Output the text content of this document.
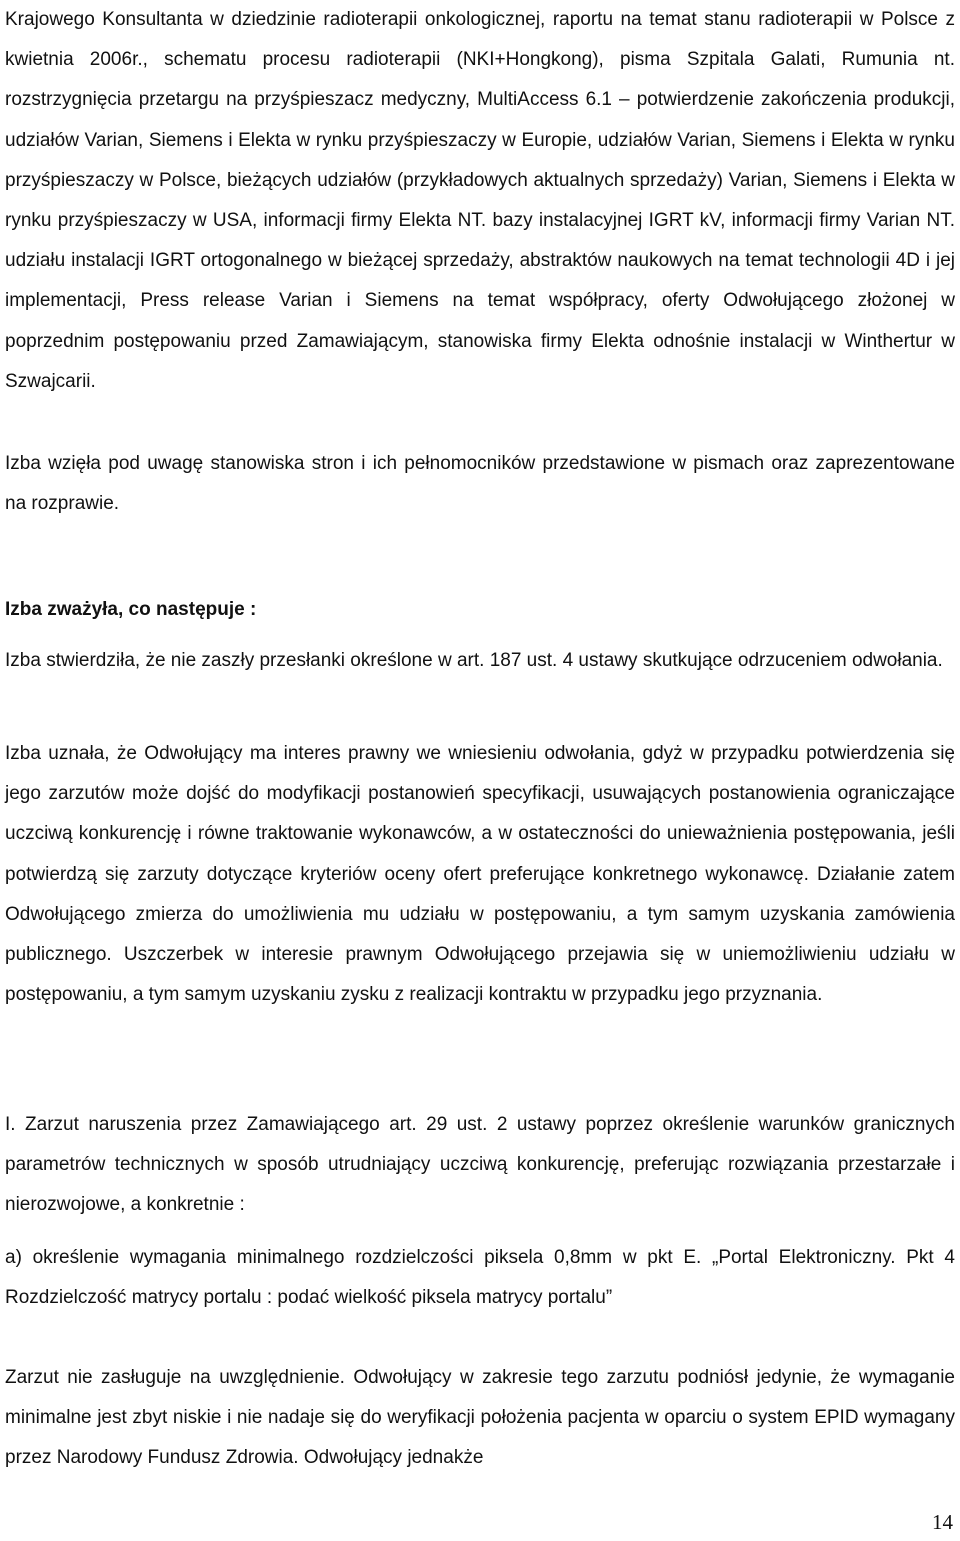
Krajowego Konsultanta w dziedzinie radioterapii onkologicznej, raportu na temat stanu radioterapii w Polsce z kwietnia 2006r., schematu procesu radioterapii (NKI+Hongkong), pisma Szpitala Galati, Rumunia nt. rozstrzygnięcia przetargu na przyśpieszacz medyczny, MultiAccess 6.1 – potwierdzenie zakończenia produkcji, udziałów Varian, Siemens i Elekta w rynku przyśpieszaczy w Europie, udziałów Varian, Siemens i Elekta w rynku przyśpieszaczy w Polsce, bieżących udziałów (przykładowych aktualnych sprzedaży) Varian, Siemens i Elekta w rynku przyśpieszaczy w USA, informacji firmy Elekta NT. bazy instalacyjnej IGRT kV, informacji firmy Varian NT. udziału instalacji IGRT ortogonalnego w bieżącej sprzedaży, abstraktów naukowych na temat technologii 4D i jej implementacji, Press release Varian i Siemens na temat współpracy, oferty Odwołującego złożonej w poprzednim postępowaniu przed Zamawiającym, stanowiska firmy Elekta odnośnie instalacji w Winthertur w Szwajcarii.
Izba wzięła pod uwagę stanowiska stron i ich pełnomocników przedstawione w pismach oraz zaprezentowane na rozprawie.
Izba zważyła, co następuje :
Izba stwierdziła, że nie zaszły przesłanki określone w art. 187 ust. 4 ustawy skutkujące odrzuceniem odwołania.
Izba uznała, że Odwołujący ma interes prawny we wniesieniu odwołania, gdyż w przypadku potwierdzenia się jego zarzutów może dojść do modyfikacji postanowień specyfikacji, usuwających postanowienia ograniczające uczciwą konkurencję i równe traktowanie wykonawców, a w ostateczności do unieważnienia postępowania, jeśli potwierdzą się zarzuty dotyczące kryteriów oceny ofert preferujące konkretnego wykonawcę. Działanie zatem Odwołującego zmierza do umożliwienia mu udziału w postępowaniu, a tym samym uzyskania zamówienia publicznego. Uszczerbek w interesie prawnym Odwołującego przejawia się w uniemożliwieniu udziału w postępowaniu, a tym samym uzyskaniu zysku z realizacji kontraktu w przypadku jego przyznania.
I. Zarzut naruszenia przez Zamawiającego art. 29 ust. 2 ustawy poprzez określenie warunków granicznych parametrów technicznych w sposób utrudniający uczciwą konkurencję, preferując rozwiązania przestarzałe i nierozwojowe, a konkretnie :
a) określenie wymagania minimalnego rozdzielczości piksela 0,8mm w pkt E. „Portal Elektroniczny. Pkt 4 Rozdzielczość matrycy portalu : podać wielkość piksela matrycy portalu”
Zarzut nie zasługuje na uwzględnienie. Odwołujący w zakresie tego zarzutu podniósł jedynie, że wymaganie minimalne jest zbyt niskie i nie nadaje się do weryfikacji położenia pacjenta w oparciu o system EPID wymagany przez Narodowy Fundusz Zdrowia. Odwołujący jednakże
14
